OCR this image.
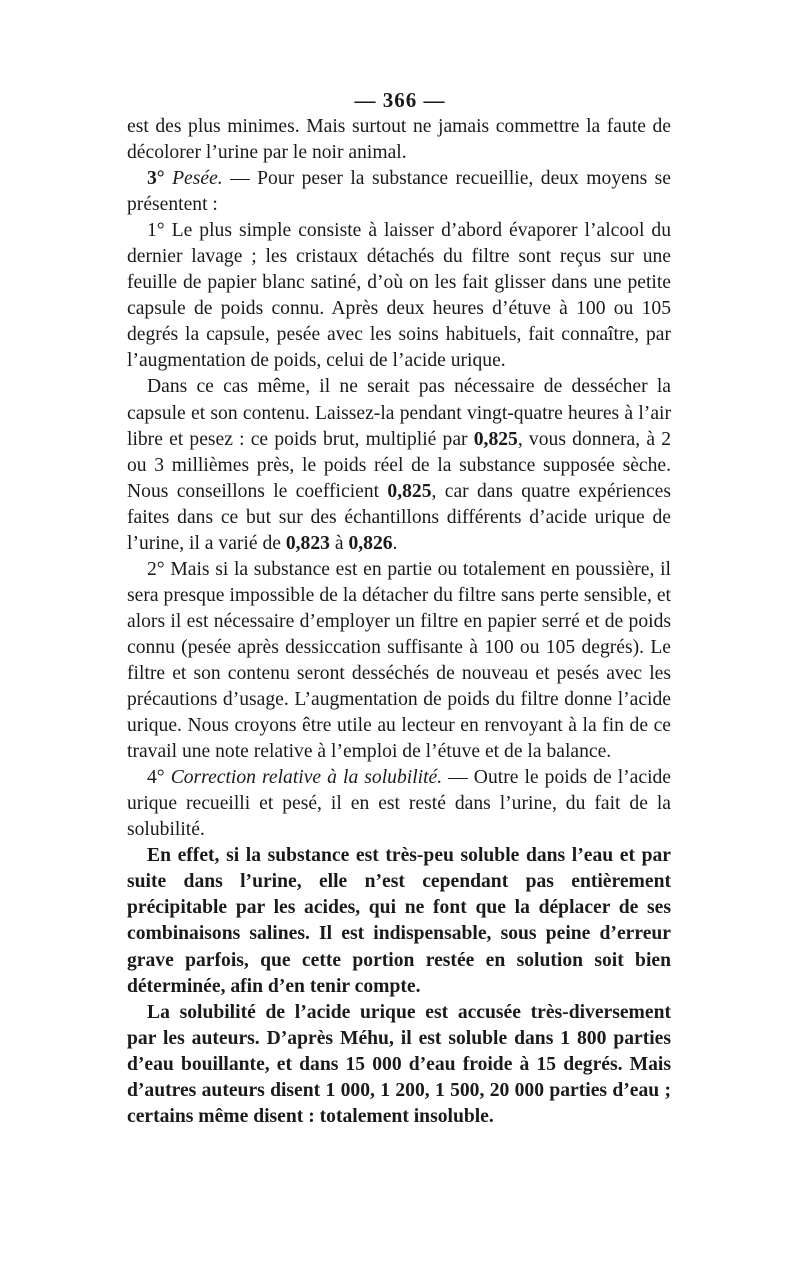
— 366 —

est des plus minimes. Mais surtout ne jamais commettre la faute de décolorer l’urine par le noir animal.

3° Pesée. — Pour peser la substance recueillie, deux moyens se présentent :

1° Le plus simple consiste à laisser d’abord évaporer l’alcool du dernier lavage ; les cristaux détachés du filtre sont reçus sur une feuille de papier blanc satiné, d’où on les fait glisser dans une petite capsule de poids connu. Après deux heures d’étuve à 100 ou 105 degrés la capsule, pesée avec les soins habituels, fait connaître, par l’augmentation de poids, celui de l’acide urique.

Dans ce cas même, il ne serait pas nécessaire de dessécher la capsule et son contenu. Laissez-la pendant vingt-quatre heures à l’air libre et pesez : ce poids brut, multiplié par 0,825, vous donnera, à 2 ou 3 millièmes près, le poids réel de la substance supposée sèche. Nous conseillons le coefficient 0,825, car dans quatre expériences faites dans ce but sur des échantillons différents d’acide urique de l’urine, il a varié de 0,823 à 0,826.

2° Mais si la substance est en partie ou totalement en poussière, il sera presque impossible de la détacher du filtre sans perte sensible, et alors il est nécessaire d’employer un filtre en papier serré et de poids connu (pesée après dessiccation suffisante à 100 ou 105 degrés). Le filtre et son contenu seront desséchés de nouveau et pesés avec les précautions d’usage. L’augmentation de poids du filtre donne l’acide urique. Nous croyons être utile au lecteur en renvoyant à la fin de ce travail une note relative à l’emploi de l’étuve et de la balance.

4° Correction relative à la solubilité. — Outre le poids de l’acide urique recueilli et pesé, il en est resté dans l’urine, du fait de la solubilité.

En effet, si la substance est très-peu soluble dans l’eau et par suite dans l’urine, elle n’est cependant pas entièrement précipitable par les acides, qui ne font que la déplacer de ses combinaisons salines. Il est indispensable, sous peine d’erreur grave parfois, que cette portion restée en solution soit bien déterminée, afin d’en tenir compte.

La solubilité de l’acide urique est accusée très-diversement par les auteurs. D’après Méhu, il est soluble dans 1 800 parties d’eau bouillante, et dans 15 000 d’eau froide à 15 degrés. Mais d’autres auteurs disent 1 000, 1 200, 1 500, 20 000 parties d’eau ; certains même disent : totalement insoluble.
